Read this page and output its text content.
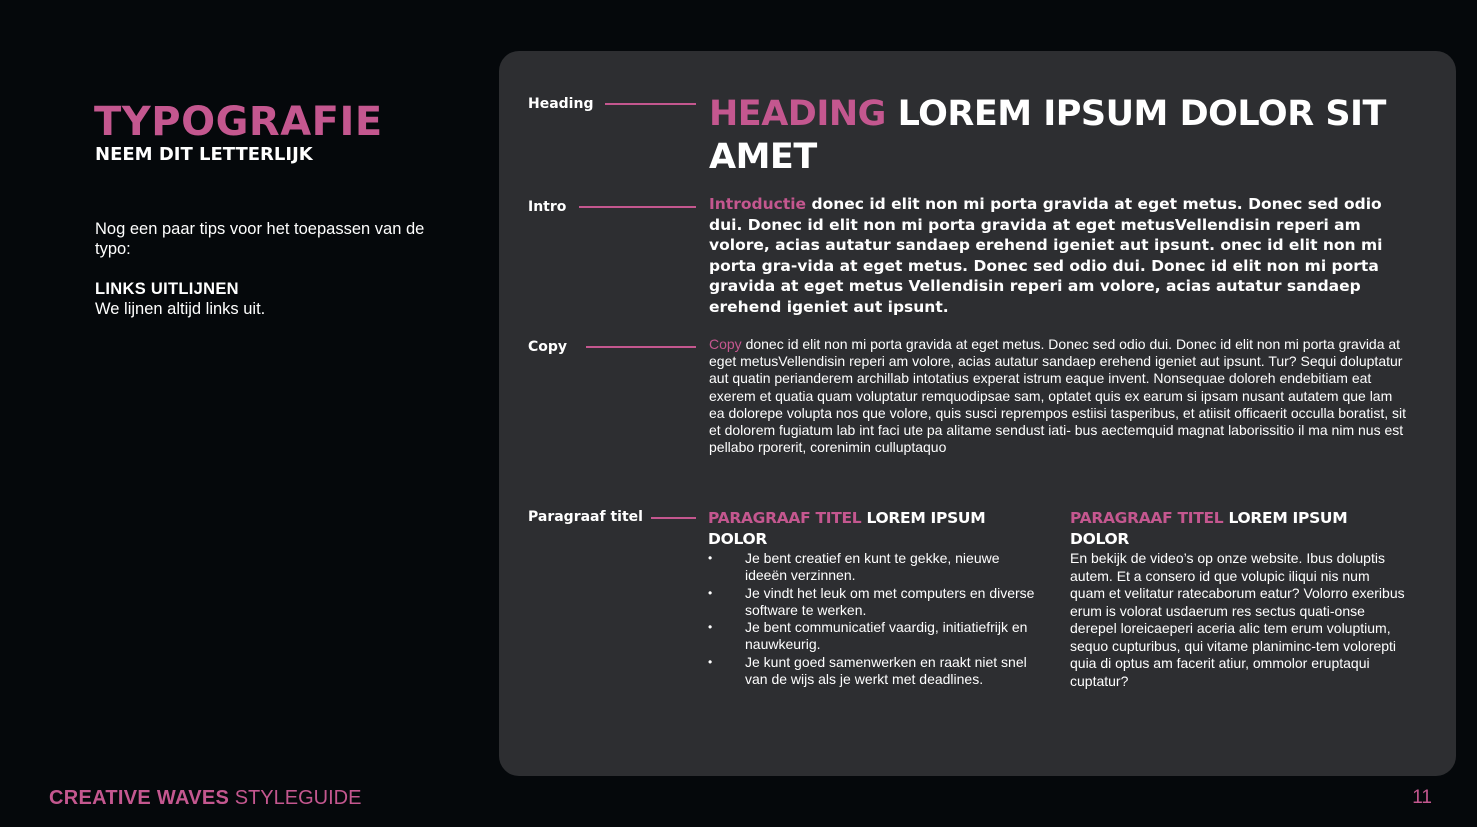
TYPOGRAFIE
NEEM DIT LETTERLIJK

Nog een paar tips voor het toepassen van de typo:

LINKS UITLIJNEN

We lijnen altijd links uit.

Heading	HEADING LOREM IPSUM DOLOR SIT AMET
Intro	Introductie donec id elit non mi porta gravida at eget metus. Donec sed odio dui. Donec id elit non mi porta gravida at eget metusVellendisin reperi am volore, acias autatur sandaep erehend igeniet aut ipsunt. onec id elit non mi porta gra-vida at eget metus. Donec sed odio dui. Donec id elit non mi porta gravida at eget metus Vellendisin reperi am volore, acias autatur sandaep erehend igeniet aut ipsunt.
Copy	Copy donec id elit non mi porta gravida at eget metus. Donec sed odio dui. Donec id elit non mi porta gravida at eget metusVellendisin reperi am volore, acias autatur sandaep erehend igeniet aut ipsunt. Tur? Sequi doluptatur aut quatin perianderem archillab intotatius experat istrum eaque invent. Nonsequae doloreh endebitiam eat exerem et quatia quam voluptatur remquodipsae sam, optatet quis ex earum si ipsam nusant autatem que lam ea dolorepe volupta nos que volore, quis susci reprempos estiisi tasperibus, et atiisit officaerit occulla boratist, sit et dolorem fugiatum lab int faci ute pa alitame sendust iati- bus aectemquid magnat laborissitio il ma nim nus est pellabo rporerit, corenimin culluptaquo
Paragraaf titel	PARAGRAAF TITEL LOREM IPSUM DOLOR
• Je bent creatief en kunt te gekke, nieuwe ideeën verzinnen.
• Je vindt het leuk om met computers en diverse software te werken.
• Je bent communicatief vaardig, initiatiefrijk en nauwkeurig.
• Je kunt goed samenwerken en raakt niet snel van de wijs als je werkt met deadlines.
PARAGRAAF TITEL LOREM IPSUM DOLOR

En bekijk de video’s op onze website. Ibus doluptis autem. Et a consero id que volupic iliqui nis num quam et velitatur ratecaborum eatur? Volorro exeribus erum is volorat usdaerum res sectus quati-onse derepel loreicaeperi aceria alic tem erum voluptium, sequo cupturibus, qui vitame planiminc-tem volorepti quia di optus am facerit atiur, ommolor eruptaqui cuptatur?

CREATIVE WAVES STYLEGUIDE	11
